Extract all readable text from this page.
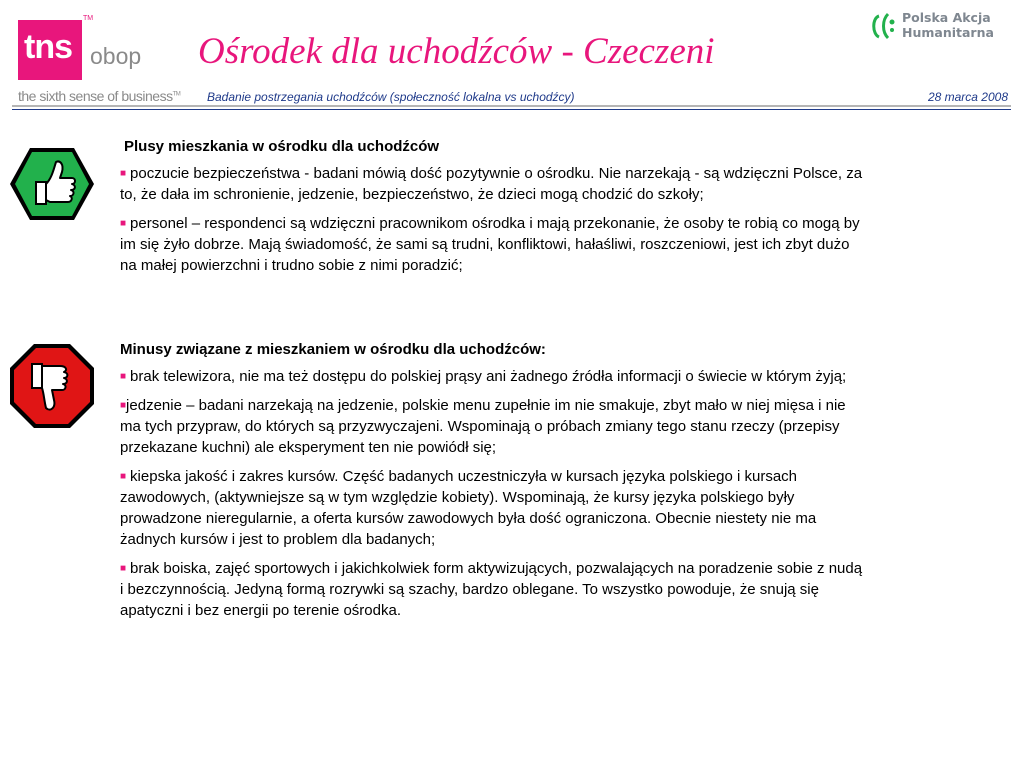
tns
TM
obop
the sixth sense of business™
Ośrodek dla uchodźców - Czeczeni
Polska Akcja
Humanitarna
Badanie postrzegania uchodźców (społeczność lokalna vs uchodźcy)	28 marca 2008
Plusy mieszkania w ośrodku dla uchodźców

■ poczucie bezpieczeństwa - badani mówią dość pozytywnie o ośrodku. Nie narzekają - są wdzięczni Polsce, za to, że dała im schronienie, jedzenie, bezpieczeństwo, że dzieci mogą chodzić do szkoły;

■ personel – respondenci są wdzięczni pracownikom ośrodka i mają przekonanie, że osoby te robią co mogą by im się żyło dobrze. Mają świadomość, że sami są trudni, konfliktowi, hałaśliwi, roszczeniowi, jest ich zbyt dużo na małej powierzchni i trudno sobie z nimi poradzić;

Minusy związane z mieszkaniem w ośrodku dla uchodźców:

■ brak telewizora, nie ma też dostępu do polskiej prąsy ani żadnego źródła informacji o świecie w którym żyją;

■jedzenie – badani narzekają na jedzenie, polskie menu zupełnie im nie smakuje, zbyt mało w niej mięsa i nie ma tych przypraw, do których są przyzwyczajeni. Wspominają o próbach zmiany tego stanu rzeczy (przepisy przekazane kuchni) ale eksperyment ten nie powiódł się;

■ kiepska jakość i zakres kursów. Część badanych uczestniczyła w kursach języka polskiego i kursach zawodowych, (aktywniejsze są w tym względzie kobiety). Wspominają, że kursy języka polskiego były prowadzone nieregularnie, a oferta kursów zawodowych była dość ograniczona. Obecnie niestety nie ma żadnych kursów i jest to problem dla badanych;

■ brak boiska, zajęć sportowych i jakichkolwiek form aktywizujących, pozwalających na poradzenie sobie z nudą i bezczynnością. Jedyną formą rozrywki są szachy, bardzo oblegane. To wszystko powoduje, że snują się apatyczni i bez energii po terenie ośrodka.
